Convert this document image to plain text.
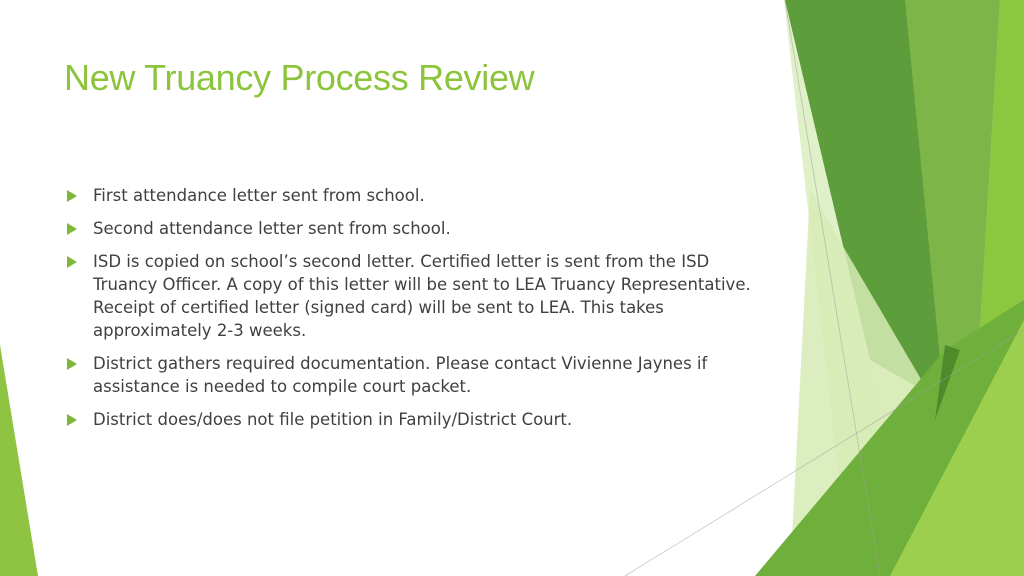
New Truancy Process Review
First attendance letter sent from school.
Second attendance letter sent from school.
ISD is copied on school’s second letter. Certified letter is sent from the ISD Truancy Officer. A copy of this letter will be sent to LEA Truancy Representative. Receipt of certified letter (signed card) will be sent to LEA. This takes approximately 2-3 weeks.
District gathers required documentation. Please contact Vivienne Jaynes if assistance is needed to compile court packet.
District does/does not file petition in Family/District Court.
